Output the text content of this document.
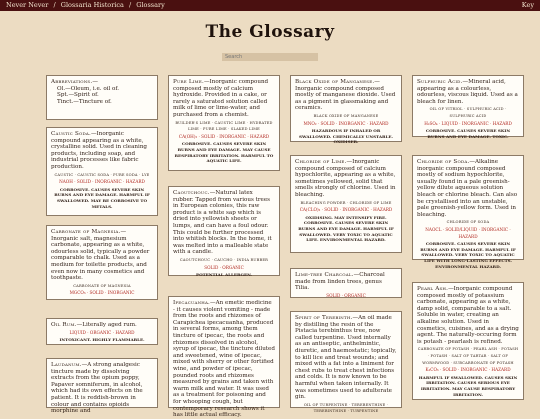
Never Never / Glossaria Historica / Glossary	Key
The Glossary
Search

Abbreviations.—

Ol.—Oleum, i.e. oil of.
Spt.—Spirit of.
Tinct.—Tincture of.

Caustic Soda.—Inorganic compound appearing as a white, crystalline solid. Used in cleaning products, including soap, and industrial processes like fabric production.

CAUSTIC · CAUSTIC SODA · PURE SODA · LYE
NAOH · SOLID · INORGANIC · HAZARD
CORROSIVE. CAUSES SEVERE SKIN BURNS AND EYE DAMAGE. HARMFUL IF SWALLOWED. MAY BE CORROSIVE TO METALS.

Carbonate of Magnesia.—Inorganic salt, magnesium carbonate, appearing as a white, odourless solid, typically a powder comparable to chalk. Used as a medium for toilette products, and even now in many cosmetics and toothpaste.

CARBONATE OF MAGNESIA
MGCO₃ · SOLID · INORGANIC

Oil Rum.—Literally aged rum.

LIQUID · ORGANIC · HAZARD
INTOXICANT. HIGHLY FLAMMABLE.

Laudanum.—A strong analgesic tincture made by dissolving extracts from the opium poppy, Papaver somniferum, in alcohol, which had its own effects on the patient. It is reddish-brown in colour and contains opioids morphine and

Pure Lime.—Inorganic compound composed mostly of calcium hydroxide. Provided in a cake, or rarely a saturated solution called milk of lime or lime-water, and purchased from a chemist.

BUILDER'S LIME · CAUSTIC LIME · HYDRATED LIME · PURE LIME · SLAKED LIME
CA(OH)₂ · SOLID · INORGANIC · HAZARD
CORROSIVE. CAUSES SEVERE SKIN BURNS AND EYE DAMAGE. MAY CAUSE RESPIRATORY IRRITATION. HARMFUL TO AQUATIC LIFE.

Caoutchouc.—Natural latex rubber. Tapped from various trees in European colonies, this raw product is a white sap which is dried into yellowish sheets or lumps, and can have a foul odour. This could be further processed into whitish blocks. In the home, it was melted into a malleable state with a candle.

CAOUTCHOUC · CAUCHO · INDIA RUBBER
SOLID · ORGANIC
POTENTIAL ALLERGEN.

Ipecacuanha.—An emetic medicine - it causes violent vomiting - made from the roots and rhizomes of Carapichea ipecacuanha, produced in several forms, among them tincture of ipecac, the roots and rhizomes dissolved in alcohol, syrup of ipecac, the tincture diluted and sweetened, wine of ipecac, mixed with sherry or other fortified wine, and powder of ipecac, pounded roots and rhizomes measured by grains and taken with warm milk and water. It was used as a treatment for poisoning and for whooping cough, but contemporary research shows it has little actual efficacy.

Black Oxide of Manganese.—Inorganic compound composed mostly of manganese dioxide. Used as a pigment in glassmaking and ceramics.

BLACK OXIDE OF MANGANESE
MNO₂ · SOLID · INORGANIC · HAZARD
HAZARDOUS IF INHALED OR SWALLOWED. CHEMICALLY UNSTABLE. OXIDISER.

Chloride of Lime.—Inorganic compound composed of calcium hypochlorite, appearing as a white, sometimes yellowed, solid that smells strongly of chlorine. Used in bleaching.

BLEACHING POWDER · CHLORIDE OF LIME
CA(CLO)₂ · SOLID · INORGANIC · HAZARD
OXIDISING. MAY INTENSIFY FIRE. CORROSIVE. CAUSES SEVERE SKIN BURNS AND EYE DAMAGE. HARMFUL IF SWALLOWED. VERY TOXIC TO AQUATIC LIFE. ENVIRONMENTAL HAZARD.

Lime-tree Charcoal.—Charcoal made from linden trees, genus Tilia.

SOLID · ORGANIC

Spirit of Terebinth.—An oil made by distilling the resin of the Pistacia terebinthus tree, now called turpentine. Used internally as an antiseptic, anthelmintic, diuretic, and haemostatic; topically, to kill lice and treat wounds; and mixed with a fat into a liniment for chest rubs to treat chest infections and colds. It is now known to be harmful when taken internally. It was sometimes used to adulterate gin.

OIL OF TURPENTINE · TEREBENTHINE · TEREBINTHINE · TURPENTINE

Sulphuric Acid.—Mineral acid, appearing as a colourless, odourless, viscous liquid. Used as a bleach for linen.

OIL OF VITRIOL · SULPHURIC ACID · SULPHURIC ACID
H₂SO₄ · LIQUID · INORGANIC · HAZARD
CORROSIVE. CAUSES SEVERE SKIN BURNS AND EYE DAMAGE. TOXIC.

Chloride of Soda.—Alkaline inorganic compound composed mostly of sodium hypochlorite, usually found in a pale greenish-yellow dilute aqueous solution bleach or chlorine bleach. Can also be crystallised into an unstable, pale greenish-yellow form. Used in bleaching.

CHLORIDE OF SODA
NAOCL · SOLID/LIQUID · INORGANIC · HAZARD
CORROSIVE. CAUSES SEVERE SKIN BURNS AND EYE DAMAGE. HARMFUL IF SWALLOWED. VERY TOXIC TO AQUATIC LIFE WITH LONG-LASTING EFFECTS. ENVIRONMENTAL HAZARD.

Pearl Ash.—Inorganic compound composed mostly of potassium carbonate, appearing as a white, damp solid, comparable to a salt. Soluble in water, creating an alkaline solution. Used in cosmetics, cuisines, and as a drying agent. The naturally-occuring form is potash - pearlash is refined.

CARBONATE OF POTASH · PEARL ASH · POTASH · POTASH · SALT OF TARTAR · SALT OF WORMWOOD · SUBCARBONATE OF POTASH
K₂CO₃ · SOLID · INORGANIC · HAZARD
HARMFUL IF SWALLOWED. CAUSES SKIN IRRITATION. CAUSES SERIOUS EYE IRRITATION. MAY CAUSE RESPIRATORY IRRITATION.
